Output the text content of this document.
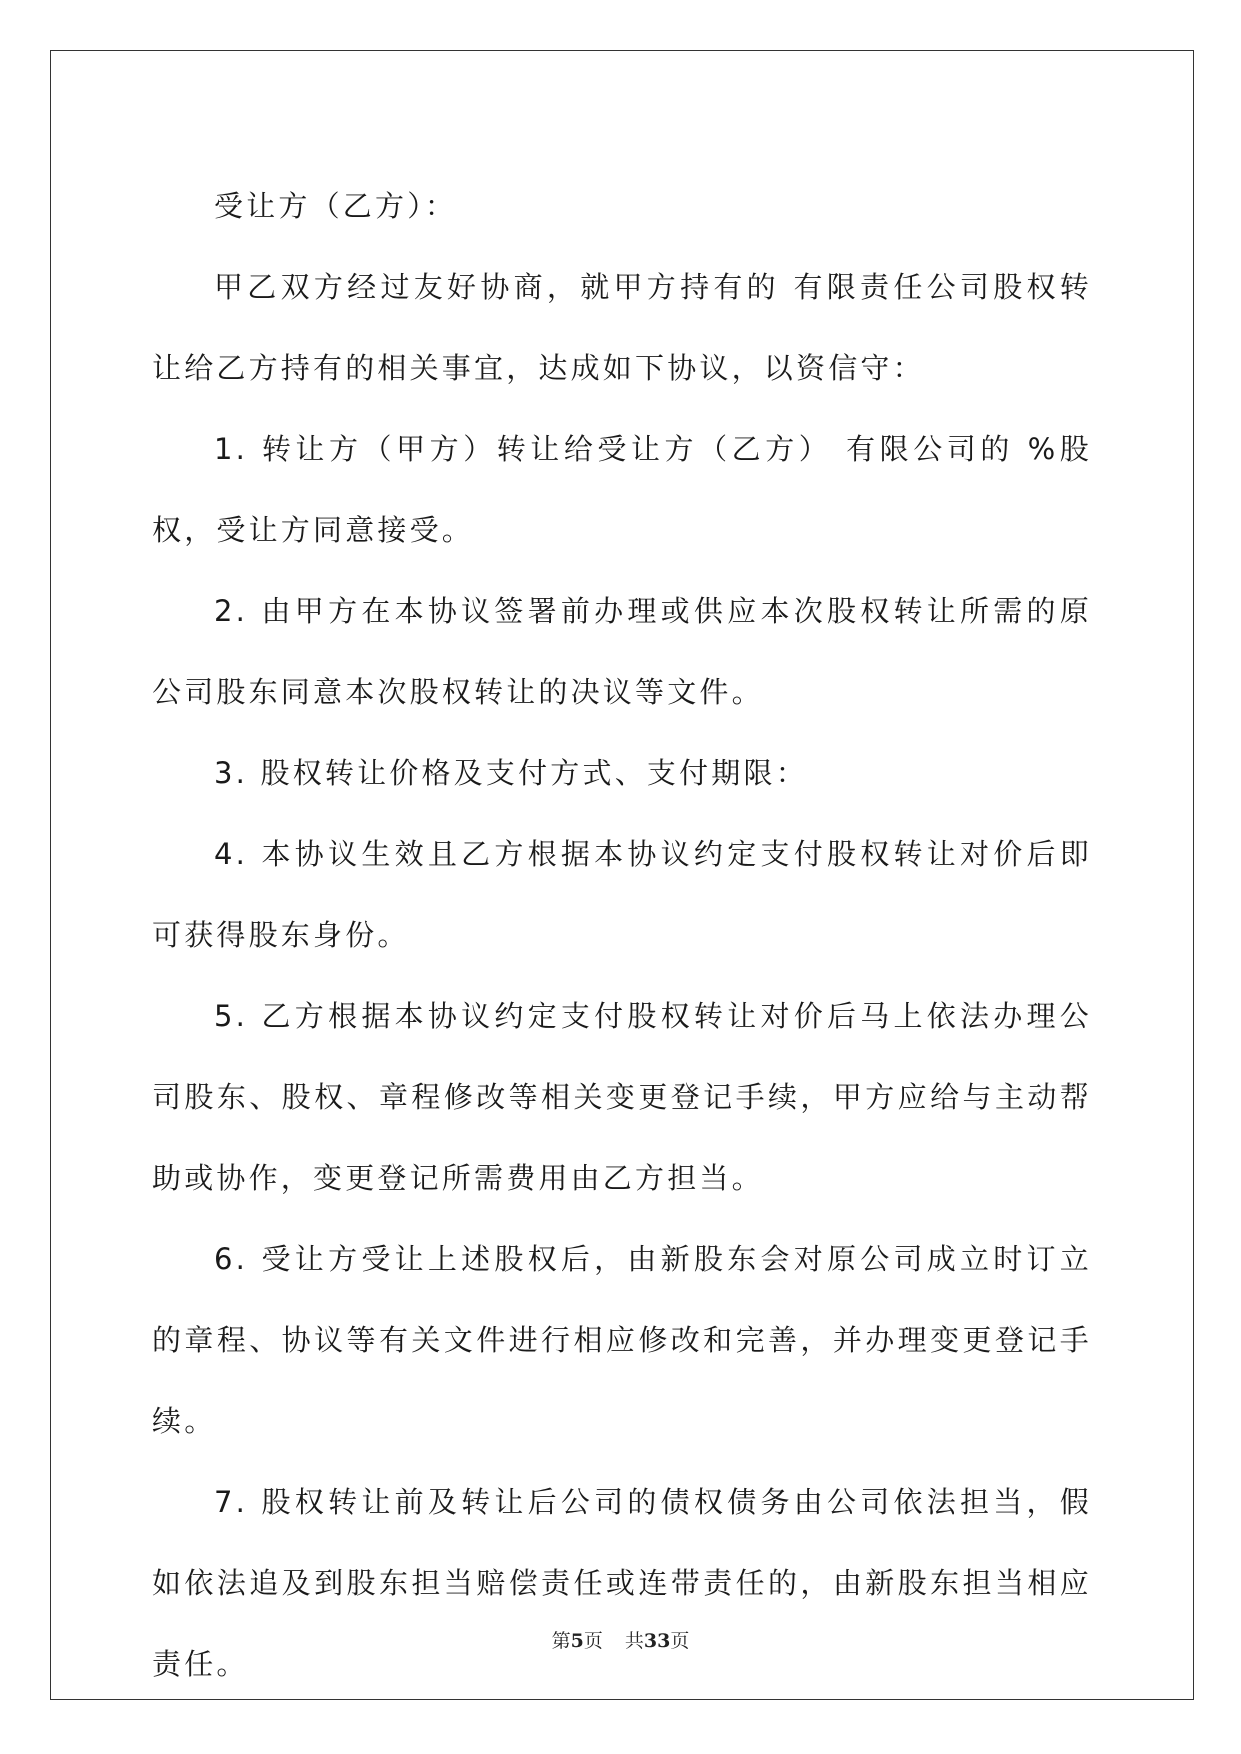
受让方（乙方）：

甲乙双方经过友好协商，就甲方持有的 有限责任公司股权转让给乙方持有的相关事宜，达成如下协议，以资信守：

1. 转让方（甲方）转让给受让方（乙方） 有限公司的 %股权，受让方同意接受。

2. 由甲方在本协议签署前办理或供应本次股权转让所需的原公司股东同意本次股权转让的决议等文件。

3. 股权转让价格及支付方式、支付期限：

4. 本协议生效且乙方根据本协议约定支付股权转让对价后即可获得股东身份。

5. 乙方根据本协议约定支付股权转让对价后马上依法办理公司股东、股权、章程修改等相关变更登记手续，甲方应给与主动帮助或协作，变更登记所需费用由乙方担当。

6. 受让方受让上述股权后，由新股东会对原公司成立时订立的章程、协议等有关文件进行相应修改和完善，并办理变更登记手续。

7. 股权转让前及转让后公司的债权债务由公司依法担当，假如依法追及到股东担当赔偿责任或连带责任的，由新股东担当相应责任。

第5页 共33页
